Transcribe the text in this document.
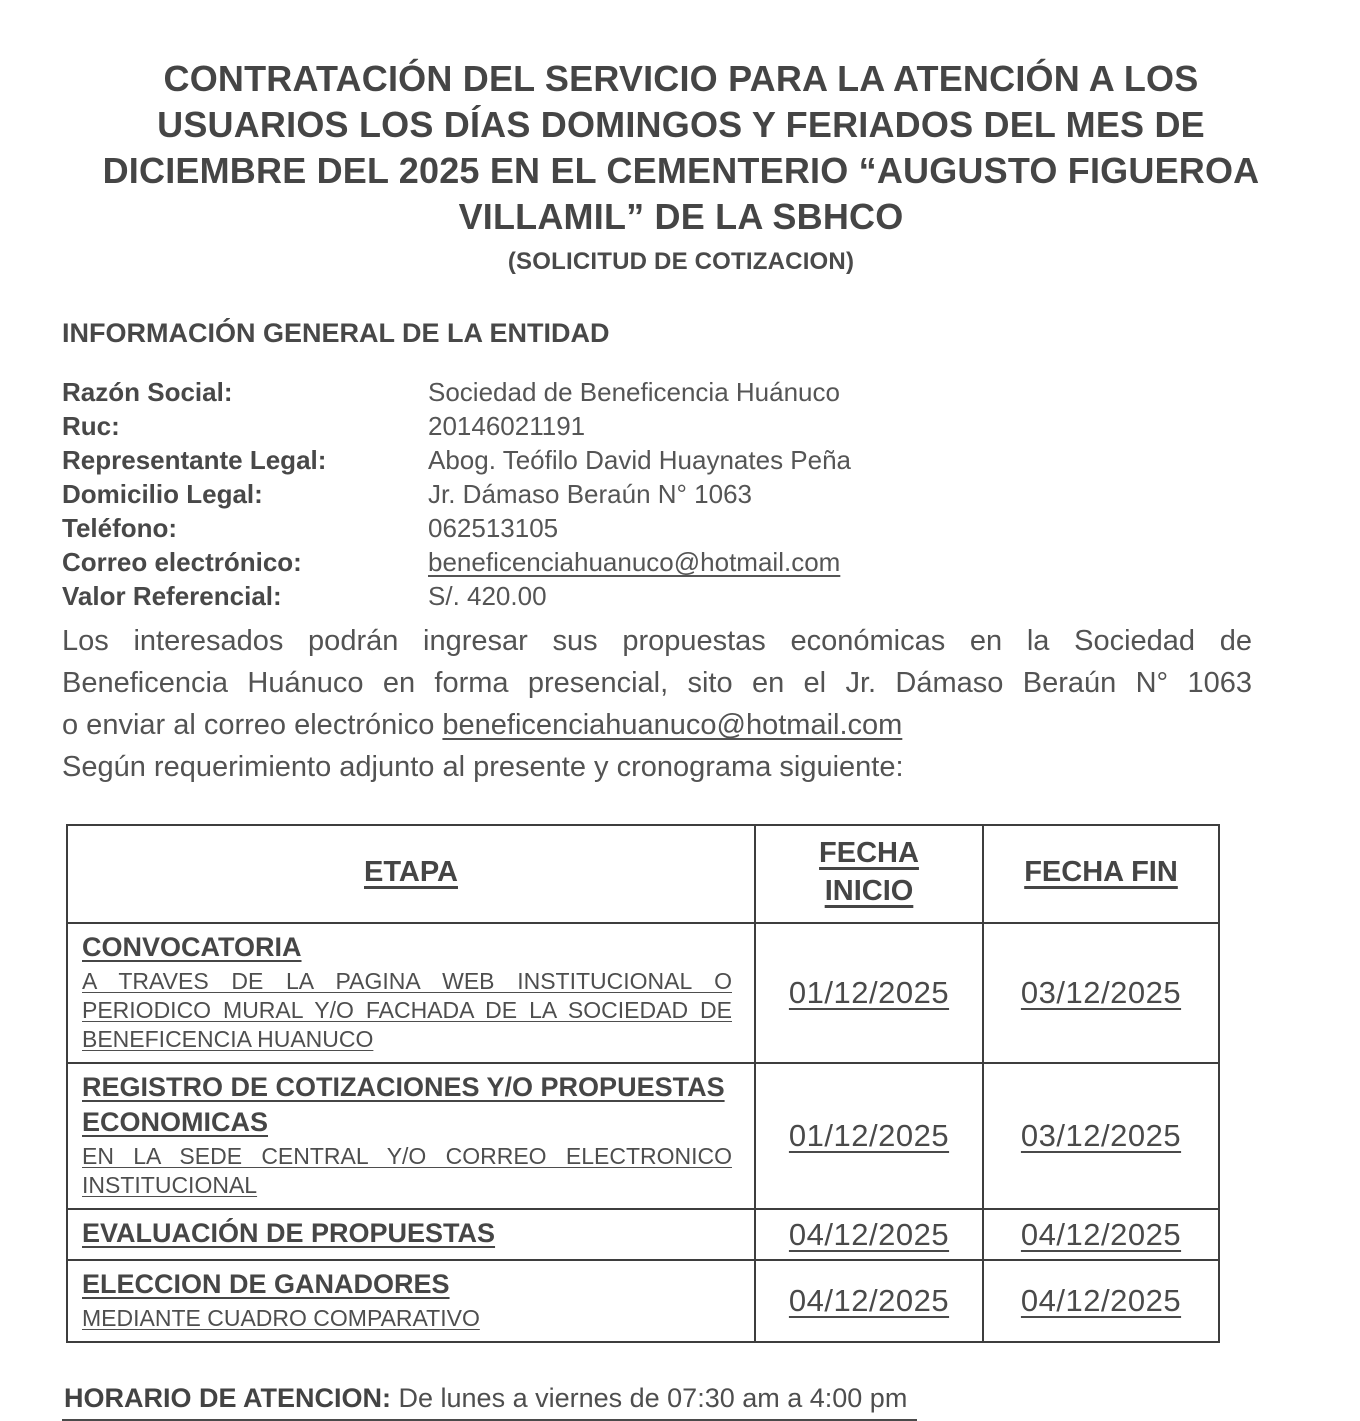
CONTRATACIÓN DEL SERVICIO PARA LA ATENCIÓN A LOS
USUARIOS LOS DÍAS DOMINGOS Y FERIADOS DEL MES DE
DICIEMBRE DEL 2025 EN EL CEMENTERIO “AUGUSTO FIGUEROA
VILLAMIL” DE LA SBHCO
(SOLICITUD DE COTIZACION)
INFORMACIÓN GENERAL DE LA ENTIDAD
Razón Social:	Sociedad de Beneficencia Huánuco
Ruc:	20146021191
Representante Legal:	Abog. Teófilo David Huaynates Peña
Domicilio Legal:	Jr. Dámaso Beraún N° 1063
Teléfono:	062513105
Correo electrónico:	beneficenciahuanuco@hotmail.com
Valor Referencial:	S/. 420.00
Los interesados podrán ingresar sus propuestas económicas en la Sociedad de
Beneficencia Huánuco en forma presencial, sito en el Jr. Dámaso Beraún N° 1063
o enviar al correo electrónico beneficenciahuanuco@hotmail.com
Según requerimiento adjunto al presente y cronograma siguiente:
ETAPA	FECHA INICIO	FECHA FIN

CONVOCATORIA
A TRAVES DE LA PAGINA WEB INSTITUCIONAL O PERIODICO MURAL Y/O FACHADA DE LA SOCIEDAD DE BENEFICENCIA HUANUCO	01/12/2025	03/12/2025

REGISTRO DE COTIZACIONES Y/O PROPUESTAS ECONOMICAS
EN LA SEDE CENTRAL Y/O CORREO ELECTRONICO INSTITUCIONAL	01/12/2025	03/12/2025

EVALUACIÓN DE PROPUESTAS	04/12/2025	04/12/2025

ELECCION DE GANADORES
MEDIANTE CUADRO COMPARATIVO	04/12/2025	04/12/2025
HORARIO DE ATENCION: De lunes a viernes de 07:30 am a 4:00 pm
